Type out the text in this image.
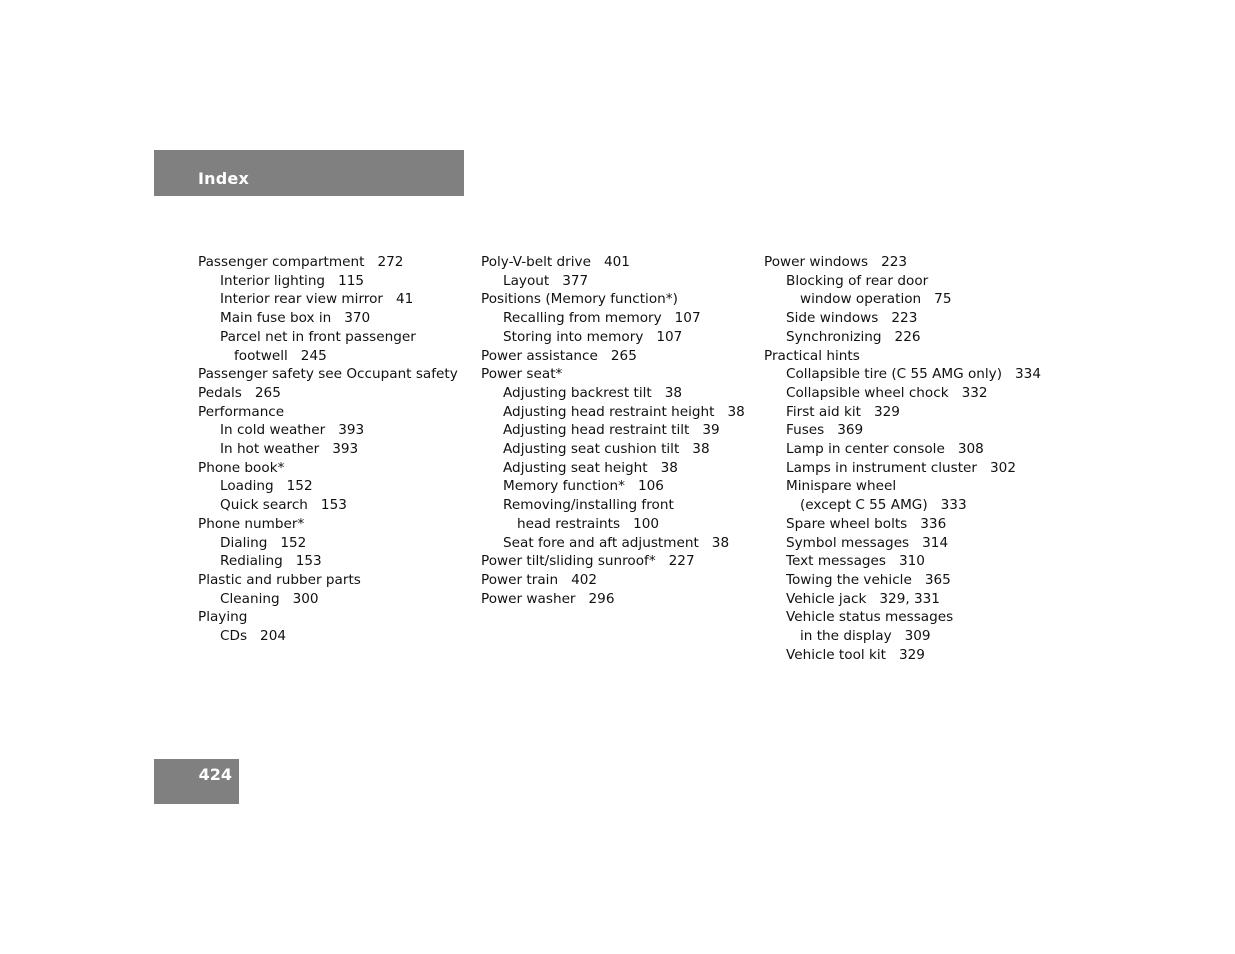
Index
Passenger compartment 272
Interior lighting 115
Interior rear view mirror 41
Main fuse box in 370
Parcel net in front passenger
footwell 245
Passenger safety see Occupant safety
Pedals 265
Performance
In cold weather 393
In hot weather 393
Phone book*
Loading 152
Quick search 153
Phone number*
Dialing 152
Redialing 153
Plastic and rubber parts
Cleaning 300
Playing
CDs 204
Poly-V-belt drive 401
Layout 377
Positions (Memory function*)
Recalling from memory 107
Storing into memory 107
Power assistance 265
Power seat*
Adjusting backrest tilt 38
Adjusting head restraint height 38
Adjusting head restraint tilt 39
Adjusting seat cushion tilt 38
Adjusting seat height 38
Memory function* 106
Removing/installing front
head restraints 100
Seat fore and aft adjustment 38
Power tilt/sliding sunroof* 227
Power train 402
Power washer 296
Power windows 223
Blocking of rear door
window operation 75
Side windows 223
Synchronizing 226
Practical hints
Collapsible tire (C 55 AMG only) 334
Collapsible wheel chock 332
First aid kit 329
Fuses 369
Lamp in center console 308
Lamps in instrument cluster 302
Minispare wheel
(except C 55 AMG) 333
Spare wheel bolts 336
Symbol messages 314
Text messages 310
Towing the vehicle 365
Vehicle jack 329, 331
Vehicle status messages
in the display 309
Vehicle tool kit 329
424
